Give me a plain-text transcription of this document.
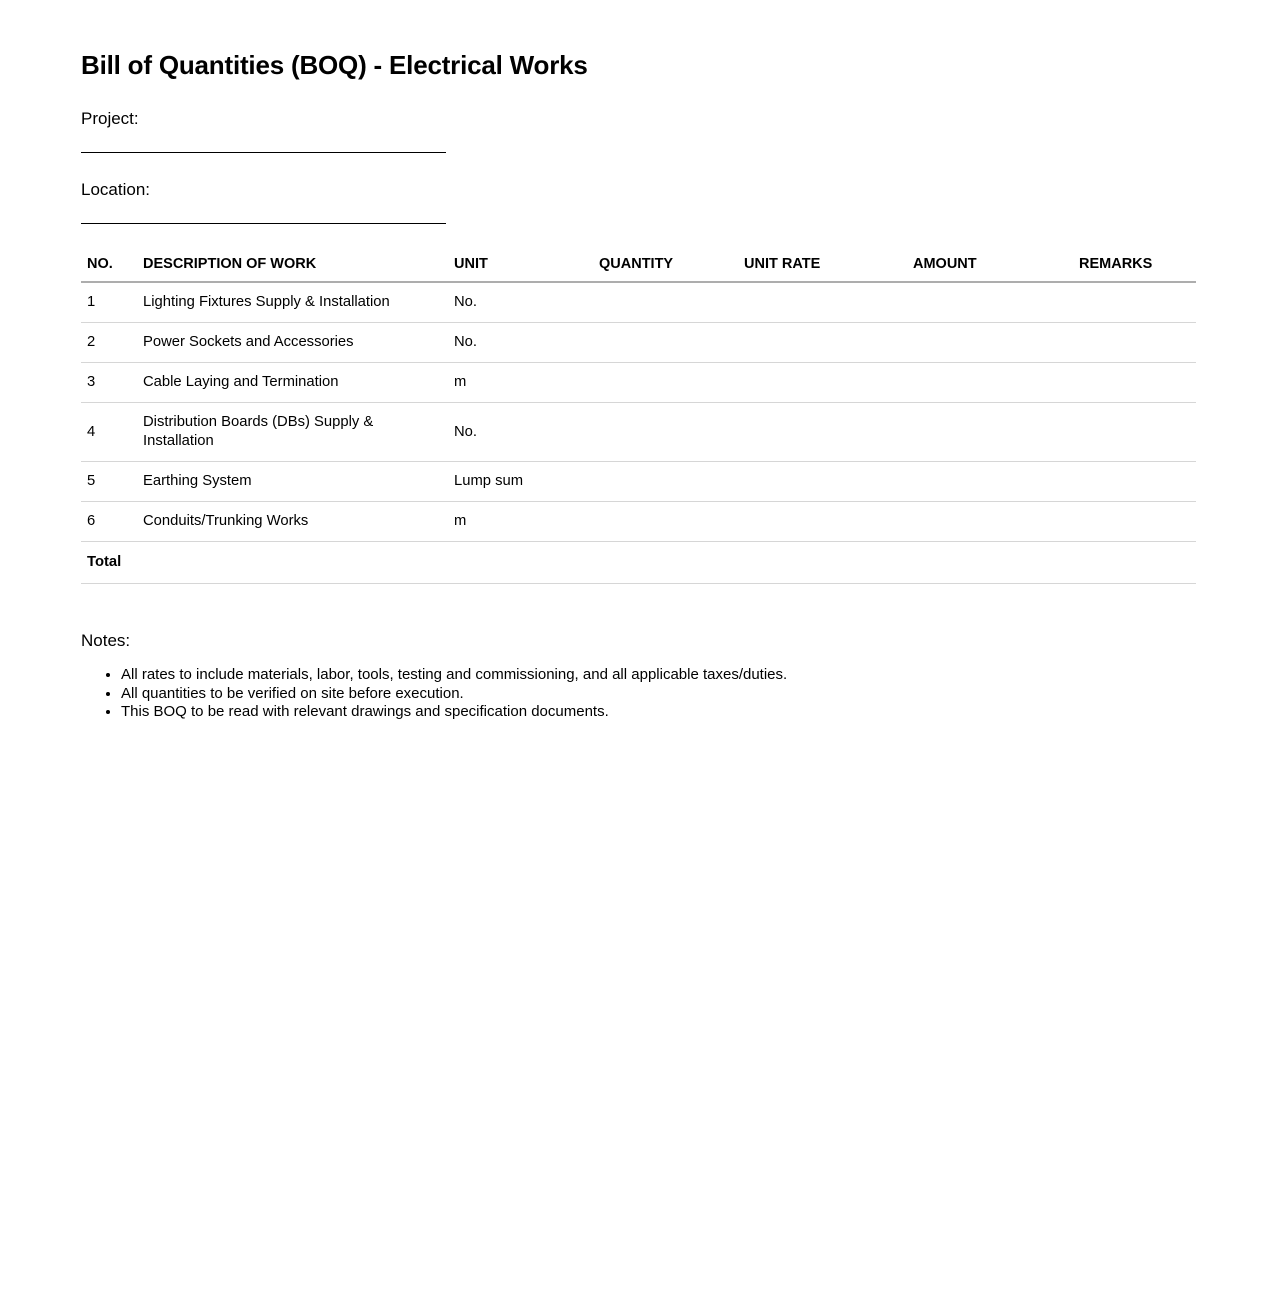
Bill of Quantities (BOQ) - Electrical Works
Project:
Location:
NO.	DESCRIPTION OF WORK	UNIT	QUANTITY	UNIT RATE	AMOUNT	REMARKS
1	Lighting Fixtures Supply & Installation	No.				
2	Power Sockets and Accessories	No.				
3	Cable Laying and Termination	m				
4	Distribution Boards (DBs) Supply & Installation	No.				
5	Earthing System	Lump sum				
6	Conduits/Trunking Works	m				
Total						
Notes:
• All rates to include materials, labor, tools, testing and commissioning, and all applicable taxes/duties.
• All quantities to be verified on site before execution.
• This BOQ to be read with relevant drawings and specification documents.
